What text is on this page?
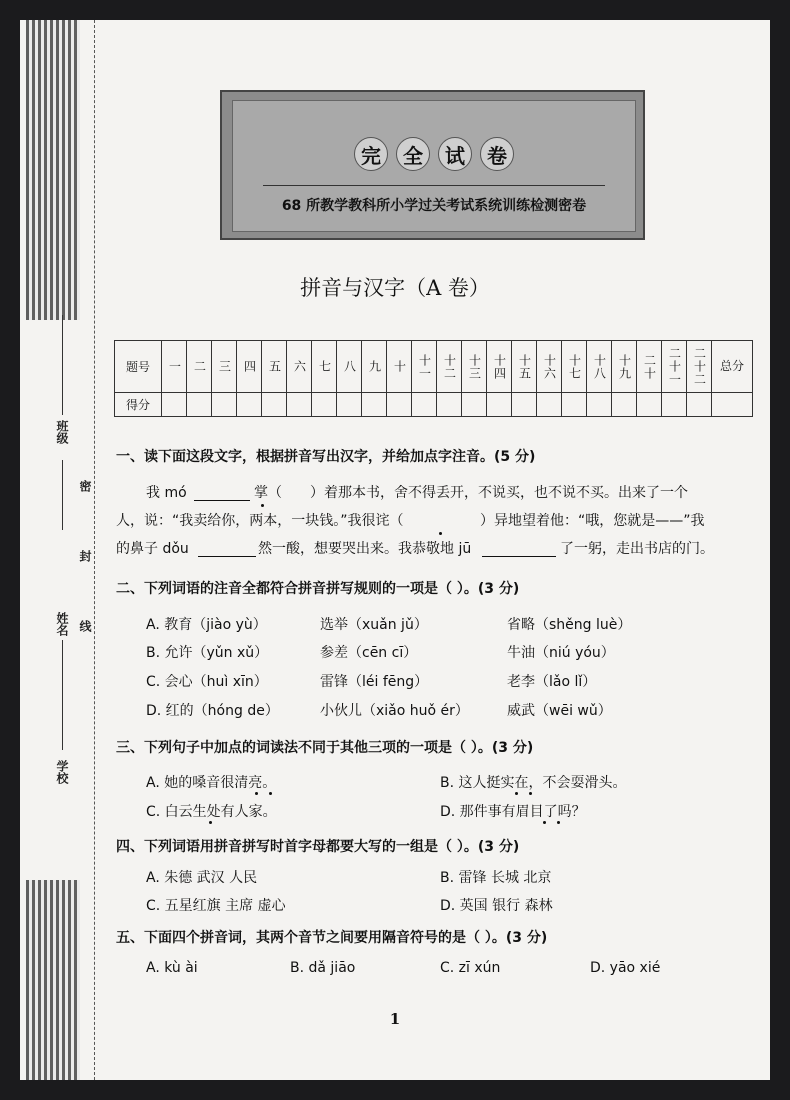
班级
姓名
学校
密
封
线
完	全	试	卷
68 所教学教科所小学过关考试系统训练检测密卷
拼音与汉字（A 卷）
题号	一	二	三	四	五	六	七	八	九	十	十一	十二	十三	十四	十五	十六	十七	十八	十九	二十	二十一	二十二	总分
得分																							
一、读下面这段文字，根据拼音写出汉字，并给加点字注音。(5 分)
我 mó	掌（ ）着那本书，舍不得丢开，不说买，也不说不买。出来了一个
人，说：“我卖给你，两本，一块钱。”我很诧（	）异地望着他：“哦，您就是——”我
的鼻子 dǒu	然一酸，想要哭出来。我恭敬地 jū	了一躬，走出书店的门。
二、下列词语的注音全都符合拼音拼写规则的一项是（ ）。(3 分)
A. 教育（jiào yù）	选举（xuǎn jǔ）	省略（shěng luè）
B. 允许（yǔn xǔ）	参差（cēn cī）	牛油（niú yóu）
C. 会心（huì xīn）	雷锋（léi fēng）	老李（lǎo lǐ）
D. 红的（hóng de）	小伙儿（xiǎo huǒ ér）	威武（wēi wǔ）
三、下列句子中加点的词读法不同于其他三项的一项是（ ）。(3 分)
A. 她的嗓音很清亮。	B. 这人挺实在，不会耍滑头。
C. 白云生处有人家。	D. 那件事有眉目了吗？
四、下列词语用拼音拼写时首字母都要大写的一组是（ ）。(3 分)
A. 朱德 武汉 人民	B. 雷锋 长城 北京
C. 五星红旗 主席 虚心	D. 英国 银行 森林
五、下面四个拼音词，其两个音节之间要用隔音符号的是（ ）。(3 分)
A. kù ài	B. dǎ jiāo	C. zī xún	D. yāo xié
1
